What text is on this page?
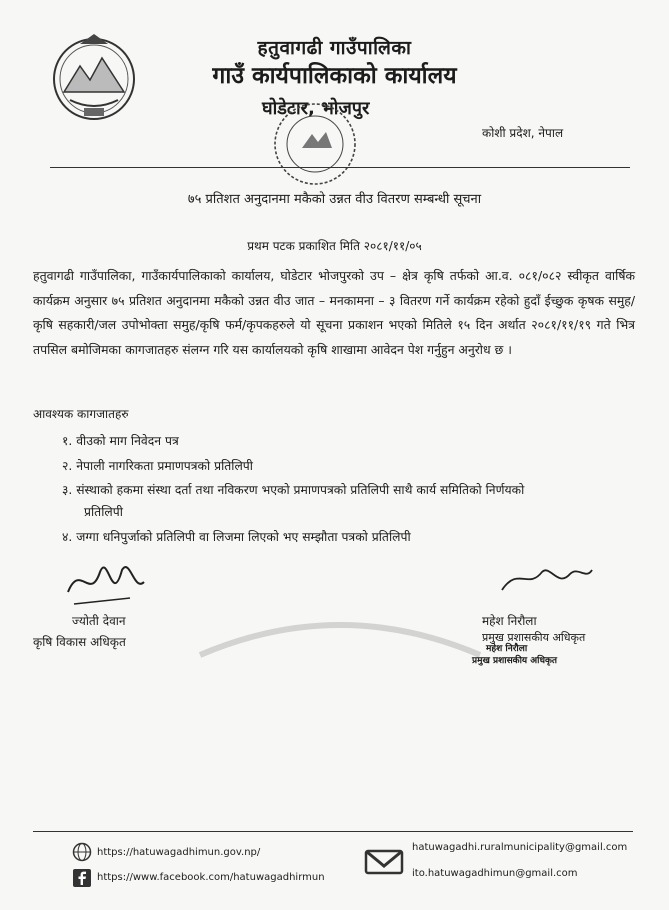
हतुवागढी गाउँपालिका
गाउँ कार्यपालिकाको कार्यालय
घोडेटार, भोजपुर
कोशी प्रदेश, नेपाल
७५ प्रतिशत अनुदानमा मकैको उन्नत वीउ वितरण सम्बन्धी सूचना
प्रथम पटक प्रकाशित मिति २०८१/११/०५
हतुवागढी गाउँपालिका, गाउँकार्यपालिकाको कार्यालय, घोडेटार भोजपुरको उप – क्षेत्र कृषि तर्फको आ.व. ०८१/०८२ स्वीकृत वार्षिक कार्यक्रम अनुसार ७५ प्रतिशत अनुदानमा मकैको उन्नत वीउ जात – मनकामना – ३ वितरण गर्ने कार्यक्रम रहेको हुदाँ ईच्छुक कृषक समुह/कृषि सहकारी/जल उपोभोक्ता समुह/कृषि फर्म/कृपकहरुले यो सूचना प्रकाशन भएको मितिले १५ दिन अर्थात २०८१/११/१९ गते भित्र तपसिल बमोजिमका कागजातहरु संलग्न गरि यस कार्यालयको कृषि शाखामा आवेदन पेश गर्नुहुन अनुरोध छ ।
आवश्यक कागजातहरु
१. वीउको माग निवेदन पत्र
२. नेपाली नागरिकता प्रमाणपत्रको प्रतिलिपी
३. संस्थाको हकमा संस्था दर्ता तथा नविकरण भएको प्रमाणपत्रको प्रतिलिपी साथै कार्य समितिको निर्णयको
प्रतिलिपी
४. जग्गा धनिपुर्जाको प्रतिलिपी वा लिजमा लिएको भए सम्झौता पत्रको प्रतिलिपी
ज्योती देवान
कृषि विकास अधिकृत
महेश निरौला
प्रमुख प्रशासकीय अधिकृत
महेश निरौला
प्रमुख प्रशासकीय अधिकृत
https://hatuwagadhimun.gov.np/
https://www.facebook.com/hatuwagadhirmun
hatuwagadhi.ruralmunicipality@gmail.com
ito.hatuwagadhimun@gmail.com
